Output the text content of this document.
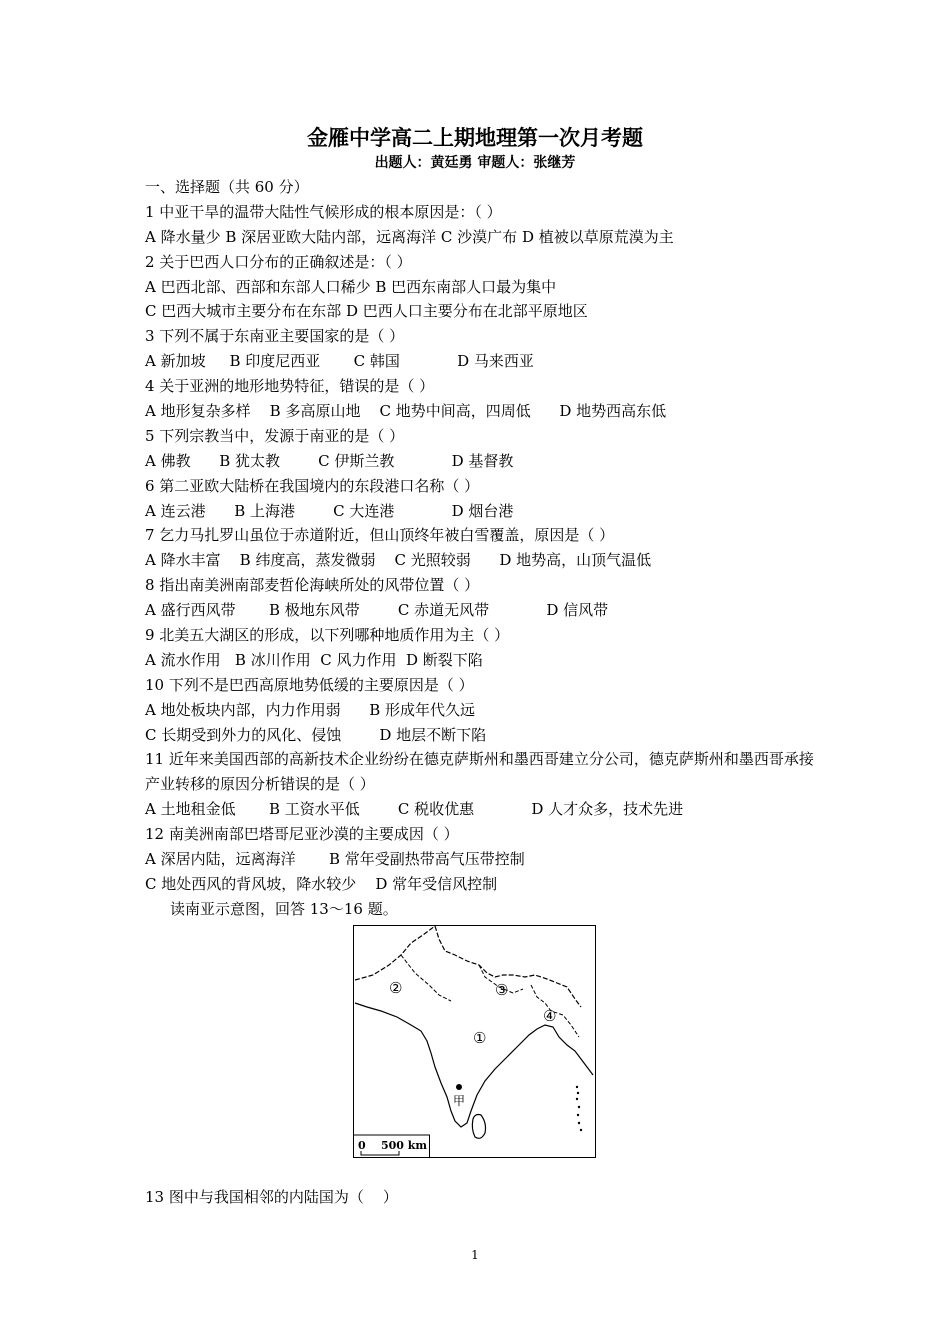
金雁中学高二上期地理第一次月考题
出题人：黄廷勇 审题人：张继芳
一、选择题（共 60 分）
1 中亚干旱的温带大陆性气候形成的根本原因是：（ ）
A 降水量少 B 深居亚欧大陆内部，远离海洋 C 沙漠广布 D 植被以草原荒漠为主
2 关于巴西人口分布的正确叙述是：（ ）
A 巴西北部、西部和东部人口稀少 B 巴西东南部人口最为集中
C 巴西大城市主要分布在东部 D 巴西人口主要分布在北部平原地区
3 下列不属于东南亚主要国家的是（ ）
A 新加坡     B 印度尼西亚       C 韩国            D 马来西亚
4 关于亚洲的地形地势特征，错误的是（ ）
A 地形复杂多样    B 多高原山地    C 地势中间高，四周低      D 地势西高东低
5 下列宗教当中，发源于南亚的是（ ）
A 佛教      B 犹太教        C 伊斯兰教            D 基督教
6 第二亚欧大陆桥在我国境内的东段港口名称（ ）
A 连云港      B 上海港        C 大连港            D 烟台港
7 乞力马扎罗山虽位于赤道附近，但山顶终年被白雪覆盖，原因是（ ）
A 降水丰富    B 纬度高，蒸发微弱    C 光照较弱      D 地势高，山顶气温低
8 指出南美洲南部麦哲伦海峡所处的风带位置（ ）
A 盛行西风带       B 极地东风带        C 赤道无风带            D 信风带
9 北美五大湖区的形成，以下列哪种地质作用为主（ ）
A 流水作用   B 冰川作用  C 风力作用  D 断裂下陷
10 下列不是巴西高原地势低缓的主要原因是（ ）
A 地处板块内部，内力作用弱      B 形成年代久远
C 长期受到外力的风化、侵蚀        D 地层不断下陷
11 近年来美国西部的高新技术企业纷纷在德克萨斯州和墨西哥建立分公司，德克萨斯州和墨西哥承接产业转移的原因分析错误的是（ ）
A 土地租金低       B 工资水平低        C 税收优惠            D 人才众多，技术先进
12 南美洲南部巴塔哥尼亚沙漠的主要成因（ ）
A 深居内陆，远离海洋       B 常年受副热带高气压带控制
C 地处西风的背风坡，降水较少    D 常年受信风控制
读南亚示意图，回答 13～16 题。
①
②	③
④
甲
0    500 km
13 图中与我国相邻的内陆国为（    ）
1
